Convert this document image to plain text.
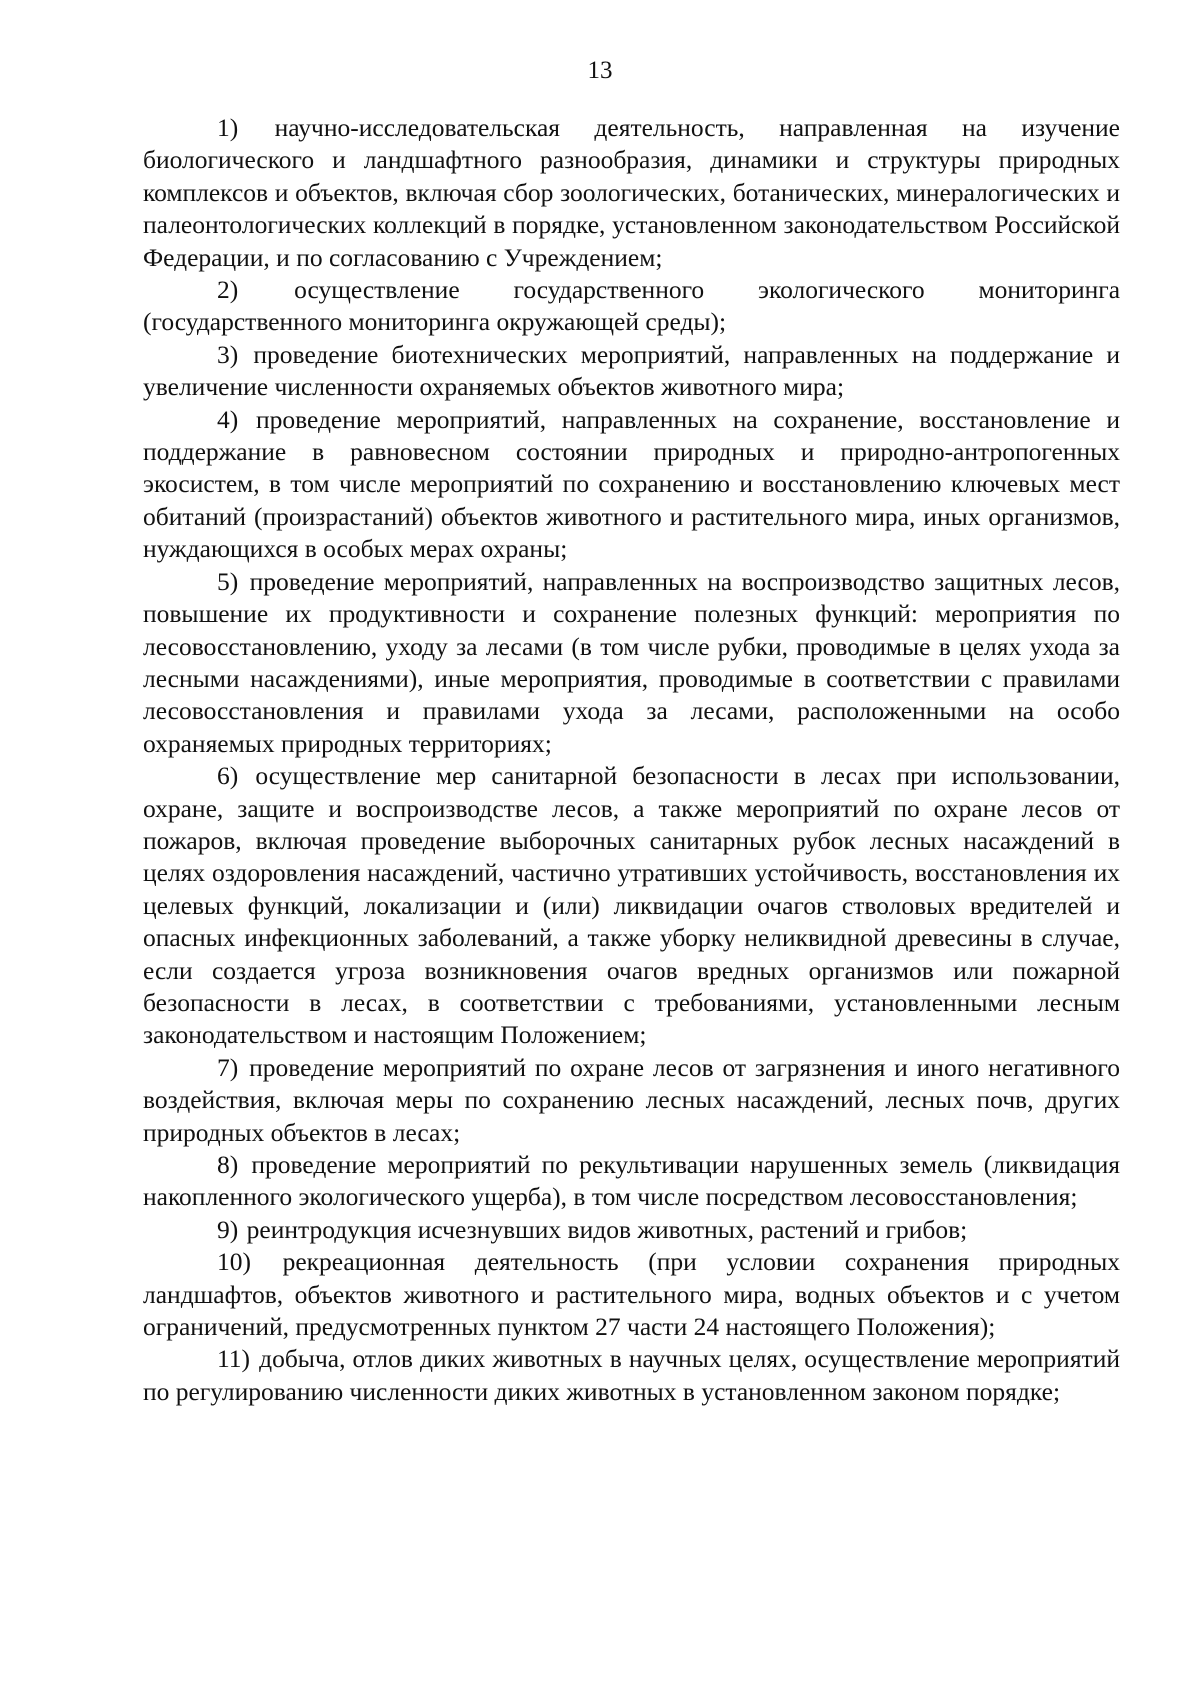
13

1) научно-исследовательская деятельность, направленная на изучение биологического и ландшафтного разнообразия, динамики и структуры природных комплексов и объектов, включая сбор зоологических, ботанических, минералогических и палеонтологических коллекций в порядке, установленном законодательством Российской Федерации, и по согласованию с Учреждением;

2) осуществление государственного экологического мониторинга (государственного мониторинга окружающей среды);

3) проведение биотехнических мероприятий, направленных на поддержание и увеличение численности охраняемых объектов животного мира;

4) проведение мероприятий, направленных на сохранение, восстановление и поддержание в равновесном состоянии природных и природно-антропогенных экосистем, в том числе мероприятий по сохранению и восстановлению ключевых мест обитаний (произрастаний) объектов животного и растительного мира, иных организмов, нуждающихся в особых мерах охраны;

5) проведение мероприятий, направленных на воспроизводство защитных лесов, повышение их продуктивности и сохранение полезных функций: мероприятия по лесовосстановлению, уходу за лесами (в том числе рубки, проводимые в целях ухода за лесными насаждениями), иные мероприятия, проводимые в соответствии с правилами лесовосстановления и правилами ухода за лесами, расположенными на особо охраняемых природных территориях;

6) осуществление мер санитарной безопасности в лесах при использовании, охране, защите и воспроизводстве лесов, а также мероприятий по охране лесов от пожаров, включая проведение выборочных санитарных рубок лесных насаждений в целях оздоровления насаждений, частично утративших устойчивость, восстановления их целевых функций, локализации и (или) ликвидации очагов стволовых вредителей и опасных инфекционных заболеваний, а также уборку неликвидной древесины в случае, если создается угроза возникновения очагов вредных организмов или пожарной безопасности в лесах, в соответствии с требованиями, установленными лесным законодательством и настоящим Положением;

7) проведение мероприятий по охране лесов от загрязнения и иного негативного воздействия, включая меры по сохранению лесных насаждений, лесных почв, других природных объектов в лесах;

8) проведение мероприятий по рекультивации нарушенных земель (ликвидация накопленного экологического ущерба), в том числе посредством лесовосстановления;

9) реинтродукция исчезнувших видов животных, растений и грибов;

10) рекреационная деятельность (при условии сохранения природных ландшафтов, объектов животного и растительного мира, водных объектов и с учетом ограничений, предусмотренных пунктом 27 части 24 настоящего Положения);

11) добыча, отлов диких животных в научных целях, осуществление мероприятий по регулированию численности диких животных в установленном законом порядке;
